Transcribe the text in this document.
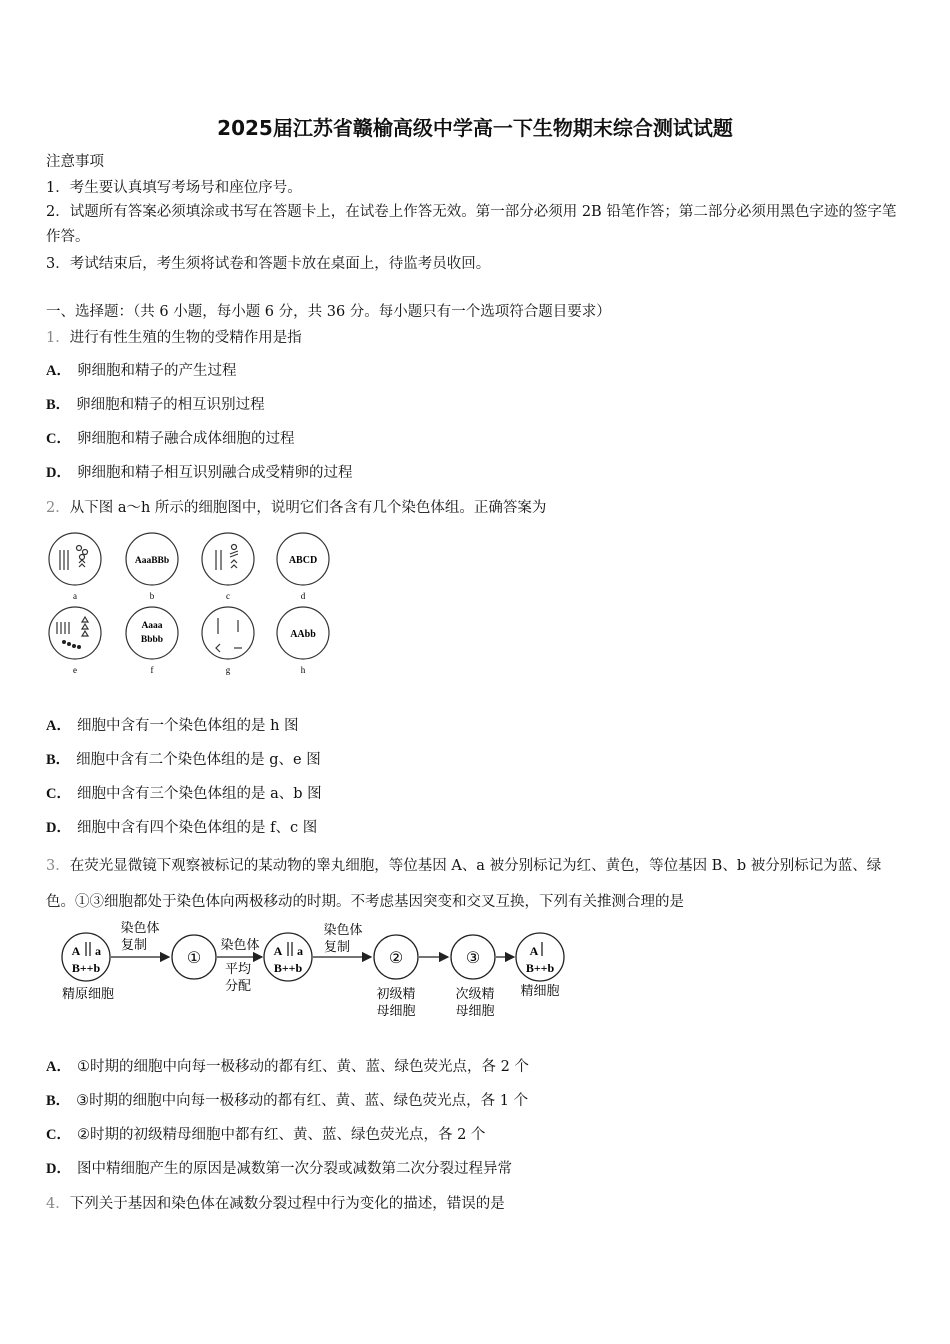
2025届江苏省赣榆高级中学高一下生物期末综合测试试题
注意事项
1．考生要认真填写考场号和座位序号。
2．试题所有答案必须填涂或书写在答题卡上，在试卷上作答无效。第一部分必须用 2B 铅笔作答；第二部分必须用黑色字迹的签字笔作答。
3．考试结束后，考生须将试卷和答题卡放在桌面上，待监考员收回。
一、选择题：（共 6 小题，每小题 6 分，共 36 分。每小题只有一个选项符合题目要求）
1．进行有性生殖的生物的受精作用是指
A． 卵细胞和精子的产生过程
B． 卵细胞和精子的相互识别过程
C． 卵细胞和精子融合成体细胞的过程
D． 卵细胞和精子相互识别融合成受精卵的过程
2．从下图 a～h 所示的细胞图中，说明它们各含有几个染色体组。正确答案为
AaaBBb	ABCD
Aaaa
Bbbb	AAbb
a	b	c	d
e	f	g	h
A． 细胞中含有一个染色体组的是 h 图
B． 细胞中含有二个染色体组的是 g、e 图
C． 细胞中含有三个染色体组的是 a、b 图
D． 细胞中含有四个染色体组的是 f、c 图
3．在荧光显微镜下观察被标记的某动物的睾丸细胞，等位基因 A、a 被分别标记为红、黄色，等位基因 B、b 被分别标记为蓝、绿色。①③细胞都处于染色体向两极移动的时期。不考虑基因突变和交叉互换，下列有关推测合理的是
A a
B++b
A a
B++b
A
B++b
①	②	③
染色体
复制	染色体
平均
分配
染色体
复制
精原细胞	初级精
母细胞
次级精
母细胞
精细胞
A． ①时期的细胞中向每一极移动的都有红、黄、蓝、绿色荧光点，各 2 个
B． ③时期的细胞中向每一极移动的都有红、黄、蓝、绿色荧光点，各 1 个
C． ②时期的初级精母细胞中都有红、黄、蓝、绿色荧光点，各 2 个
D． 图中精细胞产生的原因是减数第一次分裂或减数第二次分裂过程异常
4．下列关于基因和染色体在减数分裂过程中行为变化的描述，错误的是
